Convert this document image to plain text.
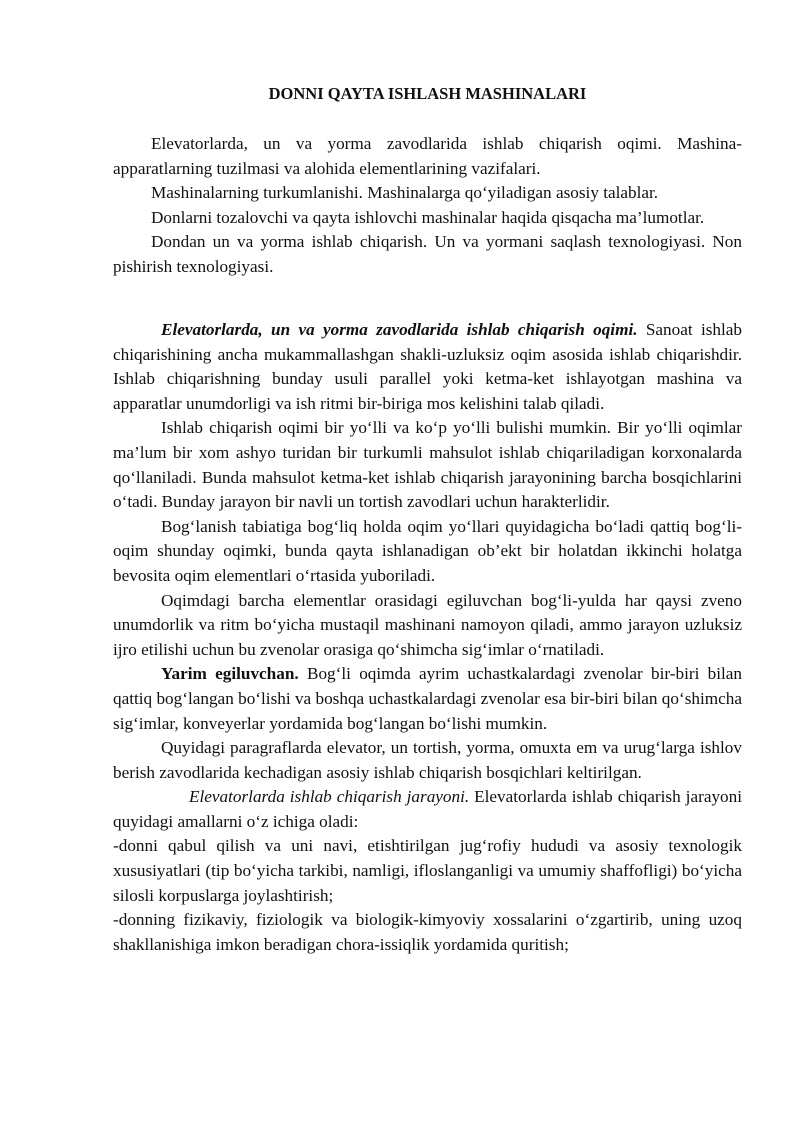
DONNI QAYTA ISHLASH MASHINALARI

Elevatorlarda, un va yorma zavodlarida ishlab chiqarish oqimi. Mashina-apparatlarning tuzilmasi va alohida elementlarining vazifalari.

Mashinalarning turkumlanishi. Mashinalarga qo‘yiladigan asosiy talablar.

Donlarni tozalovchi va qayta ishlovchi mashinalar haqida qisqacha ma’lumotlar.

Dondan un va yorma ishlab chiqarish. Un va yormani saqlash texnologiyasi. Non pishirish texnologiyasi.

Elevatorlarda, un va yorma zavodlarida ishlab chiqarish oqimi. Sanoat ishlab chiqarishining ancha mukammallashgan shakli-uzluksiz oqim asosida ishlab chiqarishdir. Ishlab chiqarishning bunday usuli parallel yoki ketma-ket ishlayotgan mashina va apparatlar unumdorligi va ish ritmi bir-biriga mos kelishini talab qiladi.

Ishlab chiqarish oqimi bir yo‘lli va ko‘p yo‘lli bulishi mumkin. Bir yo‘lli oqimlar ma’lum bir xom ashyo turidan bir turkumli mahsulot ishlab chiqariladigan korxonalarda qo‘llaniladi. Bunda mahsulot ketma-ket ishlab chiqarish jarayonining barcha bosqichlarini o‘tadi. Bunday jarayon bir navli un tortish zavodlari uchun harakterlidir.

Bog‘lanish tabiatiga bog‘liq holda oqim yo‘llari quyidagicha bo‘ladi qattiq bog‘li-oqim shunday oqimki, bunda qayta ishlanadigan ob’ekt bir holatdan ikkinchi holatga bevosita oqim elementlari o‘rtasida yuboriladi.

Oqimdagi barcha elementlar orasidagi egiluvchan bog‘li-yulda har qaysi zveno unumdorlik va ritm bo‘yicha mustaqil mashinani namoyon qiladi, ammo jarayon uzluksiz ijro etilishi uchun bu zvenolar orasiga qo‘shimcha sig‘imlar o‘rnatiladi.

Yarim egiluvchan. Bog‘li oqimda ayrim uchastkalardagi zvenolar bir-biri bilan qattiq bog‘langan bo‘lishi va boshqa uchastkalardagi zvenolar esa bir-biri bilan qo‘shimcha sig‘imlar, konveyerlar yordamida bog‘langan bo‘lishi mumkin.

Quyidagi paragraflarda elevator, un tortish, yorma, omuxta em va urug‘larga ishlov berish zavodlarida kechadigan asosiy ishlab chiqarish bosqichlari keltirilgan.

Elevatorlarda ishlab chiqarish jarayoni. Elevatorlarda ishlab chiqarish jarayoni quyidagi amallarni o‘z ichiga oladi:

-donni qabul qilish va uni navi, etishtirilgan jug‘rofiy hududi va asosiy texnologik xususiyatlari (tip bo‘yicha tarkibi, namligi, ifloslanganligi va umumiy shaffofligi) bo‘yicha silosli korpuslarga joylashtirish;

-donning fizikaviy, fiziologik va biologik-kimyoviy xossalarini o‘zgartirib, uning uzoq shakllanishiga imkon beradigan chora-issiqlik yordamida quritish;
